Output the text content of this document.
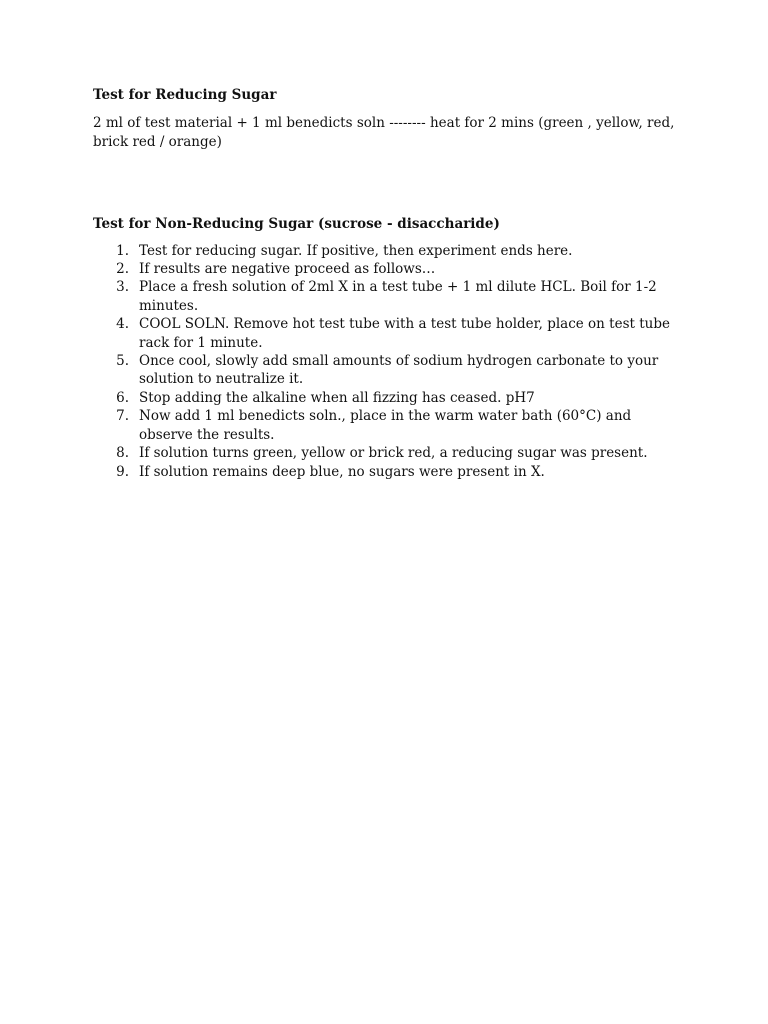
Test for Reducing Sugar

2 ml of test material + 1 ml benedicts soln -------- heat for 2 mins (green , yellow, red, brick red / orange)

Test for Non-Reducing Sugar (sucrose - disaccharide)

1. Test for reducing sugar. If positive, then experiment ends here.
2. If results are negative proceed as follows…
3. Place a fresh solution of 2ml X in a test tube + 1 ml dilute HCL. Boil for 1-2 minutes.
4. COOL SOLN. Remove hot test tube with a test tube holder, place on test tube rack for 1 minute.
5. Once cool, slowly add small amounts of sodium hydrogen carbonate to your solution to neutralize it.
6. Stop adding the alkaline when all fizzing has ceased. pH7
7. Now add 1 ml benedicts soln., place in the warm water bath (60°C) and observe the results.
8. If solution turns green, yellow or brick red, a reducing sugar was present.
9. If solution remains deep blue, no sugars were present in X.
